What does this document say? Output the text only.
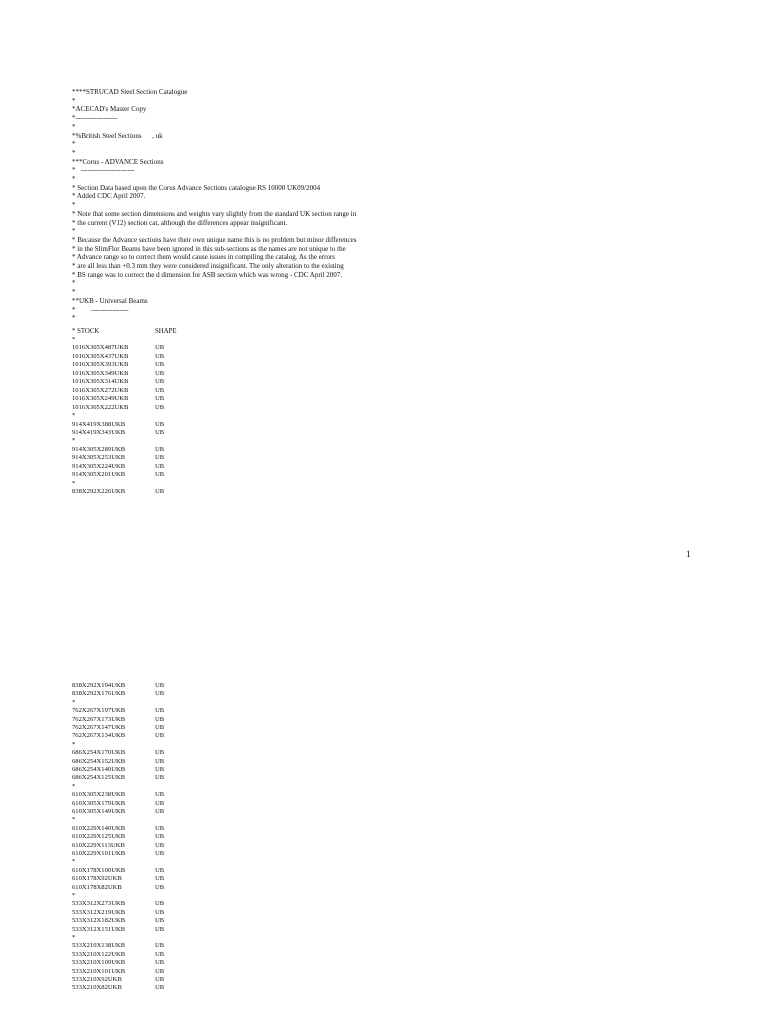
****STRUCAD Steel Section Catalogue
*
*ACECAD's Master Copy
*------------------
*
*%British Steel Sections      , uk
*
*
***Corus - ADVANCE Sections
*   -----------------------
*
* Section Data based upon the Corus Advance Sections catalogue RS 10000 UK09/2004
* Added CDC April 2007.
*
* Note that some section dimensions and weights vary slightly from the standard UK section range in
* the current (V12) section cat, although the differences appear insignificant.
*
* Because the Advance sections have their own unique name this is no problem but minor differences
* in the SlimFlor Beams have been ignored in this sub-sections as the names are not unique to the
* Advance range so to correct them would cause issues in compiling the catalog. As the errors
* are all less than +0.3 mm they were considered insignificant. The only alteration to the existing
* BS range was to correct the d dimension for ASB section which was wrong - CDC April 2007.
*
*
**UKB - Universal Beams
*         ----------------
*
* STOCK	SHAPE
*
1016X305X487UKB	UB
1016X305X437UKB	UB
1016X305X393UKB	UB
1016X305X349UKB	UB
1016X305X314UKB	UB
1016X305X272UKB	UB
1016X305X249UKB	UB
1016X305X222UKB	UB
*
914X419X388UKB	UB
914X419X343UKB	UB
*
914X305X289UKB	UB
914X305X253UKB	UB
914X305X224UKB	UB
914X305X201UKB	UB
*
838X292X226UKB	UB
1
838X292X194UKB	UB
838X292X176UKB	UB
*
762X267X197UKB	UB
762X267X173UKB	UB
762X267X147UKB	UB
762X267X134UKB	UB
*
686X254X170UKB	UB
686X254X152UKB	UB
686X254X140UKB	UB
686X254X125UKB	UB
*
610X305X238UKB	UB
610X305X179UKB	UB
610X305X149UKB	UB
*
610X229X140UKB	UB
610X229X125UKB	UB
610X229X113UKB	UB
610X229X101UKB	UB
*
610X178X100UKB	UB
610X178X92UKB	UB
610X178X82UKB	UB
*
533X312X273UKB	UB
533X312X219UKB	UB
533X312X182UKB	UB
533X312X151UKB	UB
*
533X210X138UKB	UB
533X210X122UKB	UB
533X210X109UKB	UB
533X210X101UKB	UB
533X210X92UKB	UB
533X210X82UKB	UB
